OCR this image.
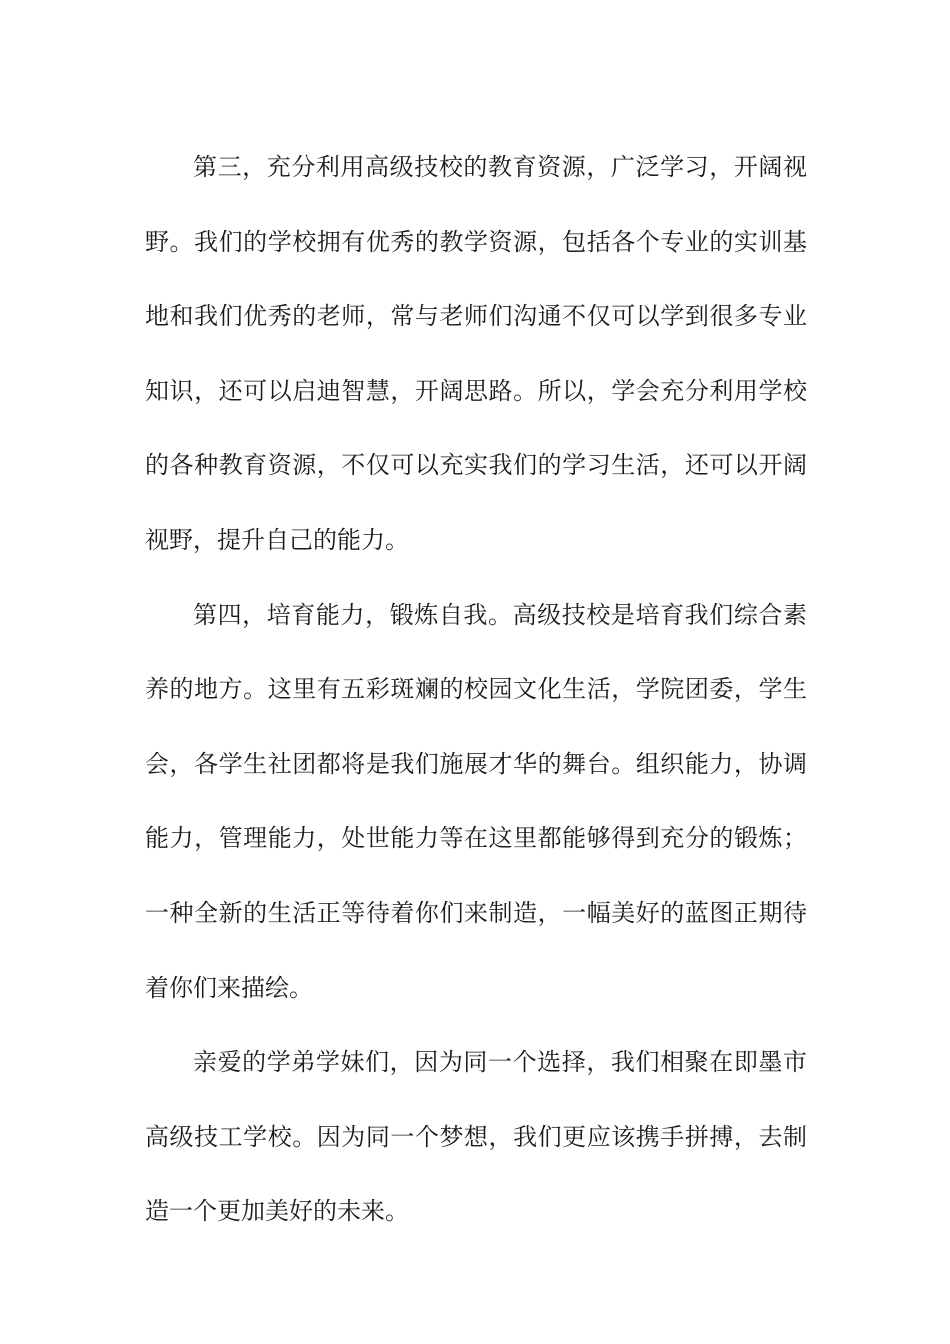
第三，充分利用高级技校的教育资源，广泛学习，开阔视野。我们的学校拥有优秀的教学资源，包括各个专业的实训基地和我们优秀的老师，常与老师们沟通不仅可以学到很多专业知识，还可以启迪智慧，开阔思路。所以，学会充分利用学校的各种教育资源，不仅可以充实我们的学习生活，还可以开阔视野，提升自己的能力。

第四，培育能力，锻炼自我。高级技校是培育我们综合素养的地方。这里有五彩斑斓的校园文化生活，学院团委，学生会，各学生社团都将是我们施展才华的舞台。组织能力，协调能力，管理能力，处世能力等在这里都能够得到充分的锻炼；一种全新的生活正等待着你们来制造，一幅美好的蓝图正期待着你们来描绘。

亲爱的学弟学妹们，因为同一个选择，我们相聚在即墨市高级技工学校。因为同一个梦想，我们更应该携手拼搏，去制造一个更加美好的未来。
